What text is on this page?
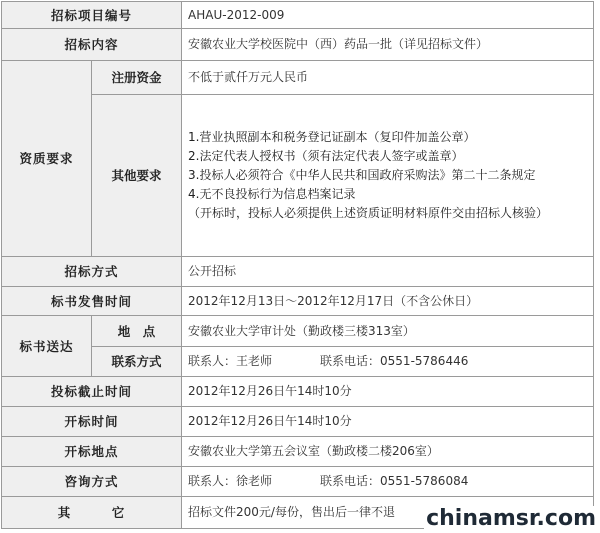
招标项目编号		AHAU-2012-009
招标内容		安徽农业大学校医院中（西）药品一批（详见招标文件）
资质要求	注册资金	不低于贰仟万元人民币
	其他要求	1.营业执照副本和税务登记证副本（复印件加盖公章）
2.法定代表人授权书（须有法定代表人签字或盖章）
3.投标人必须符合《中华人民共和国政府采购法》第二十二条规定
4.无不良投标行为信息档案记录
（开标时，投标人必须提供上述资质证明材料原件交由招标人核验）

招标方式		公开招标
标书发售时间		2012年12月13日～2012年12月17日（不含公休日）
标书送达	地　点	安徽农业大学审计处（勤政楼三楼313室）
	联系方式	联系人：王老师 联系电话：0551-5786446
投标截止时间		2012年12月26日午14时10分
开标时间		2012年12月26日午14时10分
开标地点		安徽农业大学第五会议室（勤政楼二楼206室）
咨询方式		联系人：徐老师 联系电话：0551-5786084
其　　　它		招标文件200元/每份，售出后一律不退 chinamsr.com
